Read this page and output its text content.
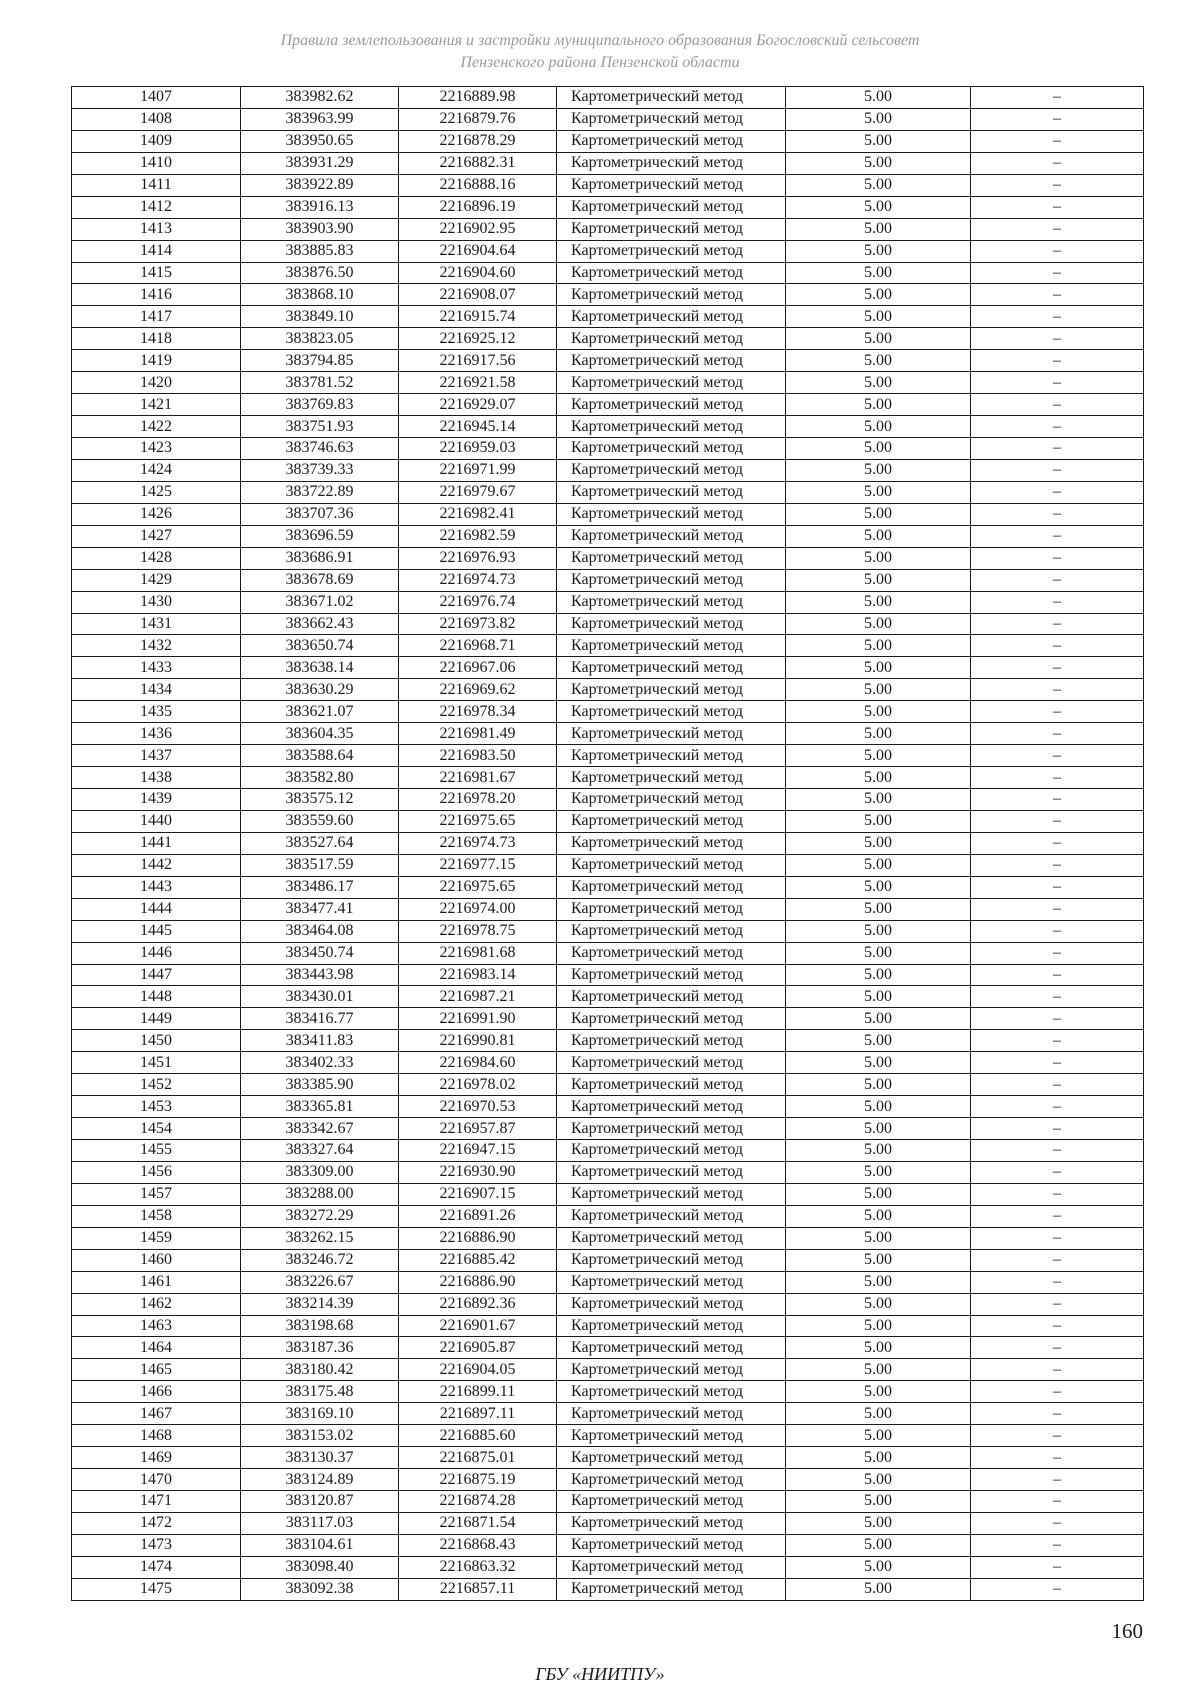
Правила землепользования и застройки муниципального образования Богословский сельсовет
Пензенского района Пензенской области
1407	383982.62	2216889.98	Картометрический метод	5.00	–
1408	383963.99	2216879.76	Картометрический метод	5.00	–
1409	383950.65	2216878.29	Картометрический метод	5.00	–
1410	383931.29	2216882.31	Картометрический метод	5.00	–
1411	383922.89	2216888.16	Картометрический метод	5.00	–
1412	383916.13	2216896.19	Картометрический метод	5.00	–
1413	383903.90	2216902.95	Картометрический метод	5.00	–
1414	383885.83	2216904.64	Картометрический метод	5.00	–
1415	383876.50	2216904.60	Картометрический метод	5.00	–
1416	383868.10	2216908.07	Картометрический метод	5.00	–
1417	383849.10	2216915.74	Картометрический метод	5.00	–
1418	383823.05	2216925.12	Картометрический метод	5.00	–
1419	383794.85	2216917.56	Картометрический метод	5.00	–
1420	383781.52	2216921.58	Картометрический метод	5.00	–
1421	383769.83	2216929.07	Картометрический метод	5.00	–
1422	383751.93	2216945.14	Картометрический метод	5.00	–
1423	383746.63	2216959.03	Картометрический метод	5.00	–
1424	383739.33	2216971.99	Картометрический метод	5.00	–
1425	383722.89	2216979.67	Картометрический метод	5.00	–
1426	383707.36	2216982.41	Картометрический метод	5.00	–
1427	383696.59	2216982.59	Картометрический метод	5.00	–
1428	383686.91	2216976.93	Картометрический метод	5.00	–
1429	383678.69	2216974.73	Картометрический метод	5.00	–
1430	383671.02	2216976.74	Картометрический метод	5.00	–
1431	383662.43	2216973.82	Картометрический метод	5.00	–
1432	383650.74	2216968.71	Картометрический метод	5.00	–
1433	383638.14	2216967.06	Картометрический метод	5.00	–
1434	383630.29	2216969.62	Картометрический метод	5.00	–
1435	383621.07	2216978.34	Картометрический метод	5.00	–
1436	383604.35	2216981.49	Картометрический метод	5.00	–
1437	383588.64	2216983.50	Картометрический метод	5.00	–
1438	383582.80	2216981.67	Картометрический метод	5.00	–
1439	383575.12	2216978.20	Картометрический метод	5.00	–
1440	383559.60	2216975.65	Картометрический метод	5.00	–
1441	383527.64	2216974.73	Картометрический метод	5.00	–
1442	383517.59	2216977.15	Картометрический метод	5.00	–
1443	383486.17	2216975.65	Картометрический метод	5.00	–
1444	383477.41	2216974.00	Картометрический метод	5.00	–
1445	383464.08	2216978.75	Картометрический метод	5.00	–
1446	383450.74	2216981.68	Картометрический метод	5.00	–
1447	383443.98	2216983.14	Картометрический метод	5.00	–
1448	383430.01	2216987.21	Картометрический метод	5.00	–
1449	383416.77	2216991.90	Картометрический метод	5.00	–
1450	383411.83	2216990.81	Картометрический метод	5.00	–
1451	383402.33	2216984.60	Картометрический метод	5.00	–
1452	383385.90	2216978.02	Картометрический метод	5.00	–
1453	383365.81	2216970.53	Картометрический метод	5.00	–
1454	383342.67	2216957.87	Картометрический метод	5.00	–
1455	383327.64	2216947.15	Картометрический метод	5.00	–
1456	383309.00	2216930.90	Картометрический метод	5.00	–
1457	383288.00	2216907.15	Картометрический метод	5.00	–
1458	383272.29	2216891.26	Картометрический метод	5.00	–
1459	383262.15	2216886.90	Картометрический метод	5.00	–
1460	383246.72	2216885.42	Картометрический метод	5.00	–
1461	383226.67	2216886.90	Картометрический метод	5.00	–
1462	383214.39	2216892.36	Картометрический метод	5.00	–
1463	383198.68	2216901.67	Картометрический метод	5.00	–
1464	383187.36	2216905.87	Картометрический метод	5.00	–
1465	383180.42	2216904.05	Картометрический метод	5.00	–
1466	383175.48	2216899.11	Картометрический метод	5.00	–
1467	383169.10	2216897.11	Картометрический метод	5.00	–
1468	383153.02	2216885.60	Картометрический метод	5.00	–
1469	383130.37	2216875.01	Картометрический метод	5.00	–
1470	383124.89	2216875.19	Картометрический метод	5.00	–
1471	383120.87	2216874.28	Картометрический метод	5.00	–
1472	383117.03	2216871.54	Картометрический метод	5.00	–
1473	383104.61	2216868.43	Картометрический метод	5.00	–
1474	383098.40	2216863.32	Картометрический метод	5.00	–
1475	383092.38	2216857.11	Картометрический метод	5.00	–
160
ГБУ «НИИТПУ»
